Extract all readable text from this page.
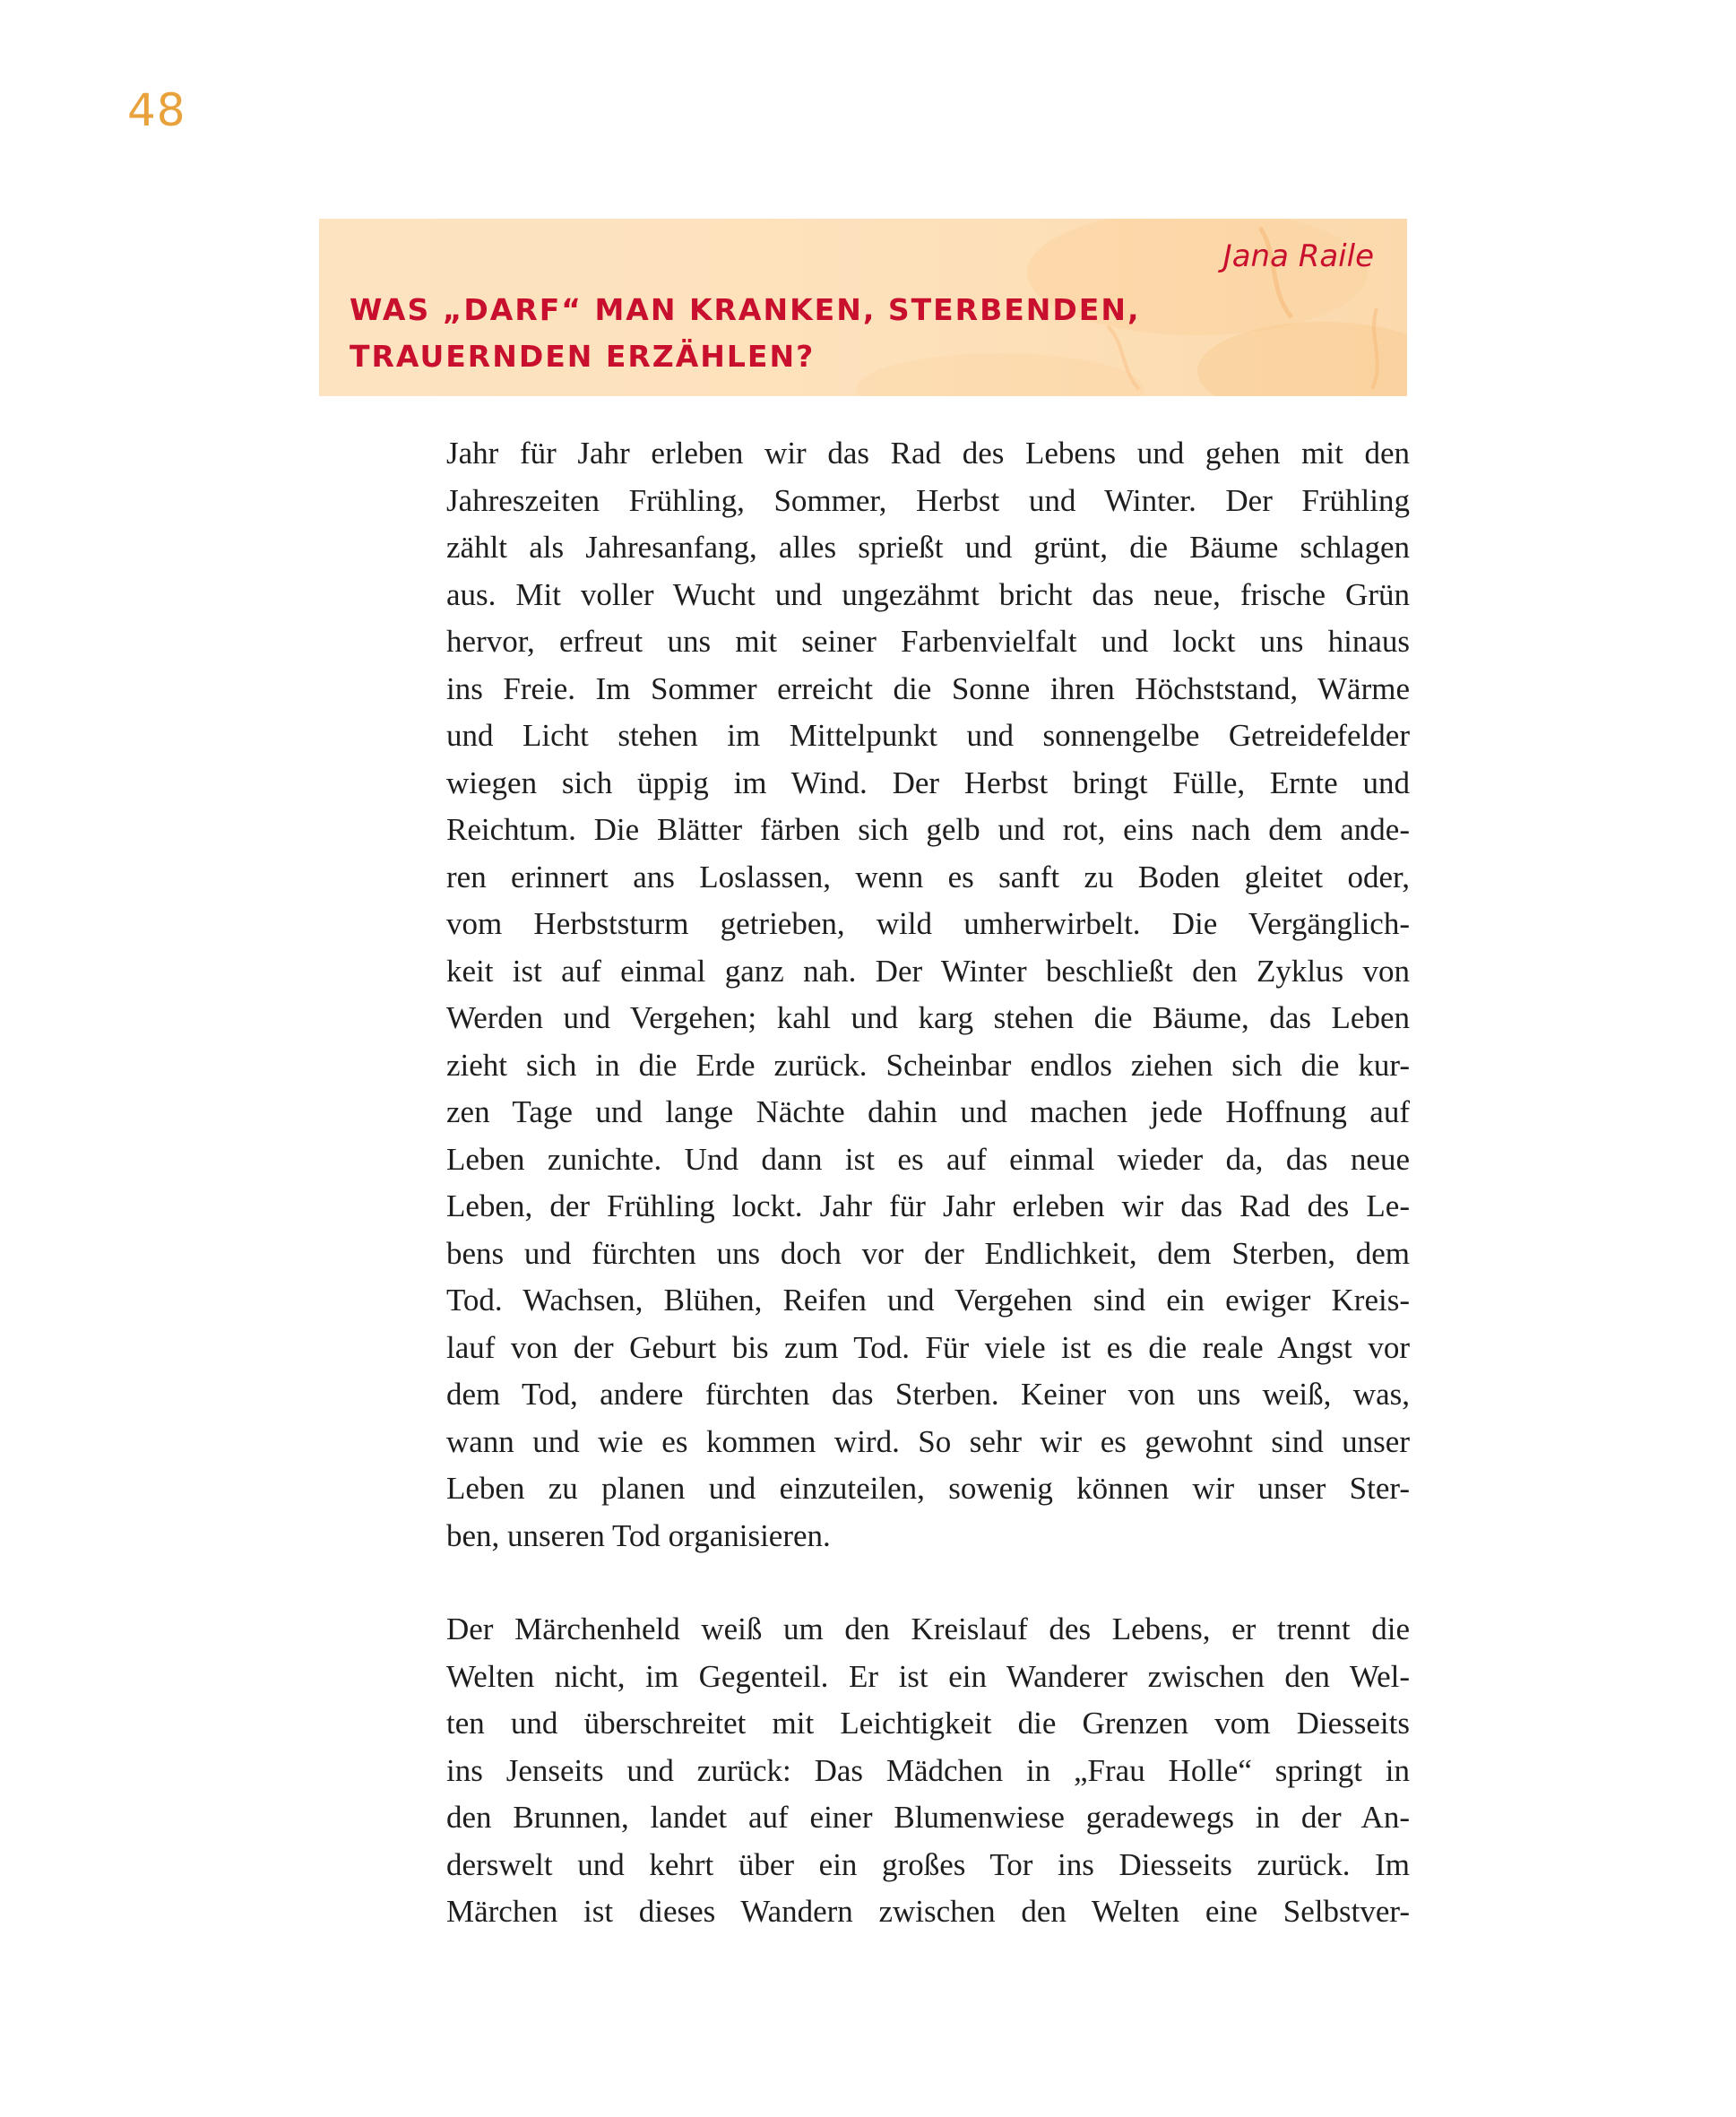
48
Jana Raile
WAS „DARF“ MAN KRANKEN, STERBENDEN,
TRAUERNDEN ERZÄHLEN?
Jahr für Jahr erleben wir das Rad des Lebens und gehen mit den
Jahreszeiten Frühling, Sommer, Herbst und Winter. Der Frühling
zählt als Jahresanfang, alles sprießt und grünt, die Bäume schlagen
aus. Mit voller Wucht und ungezähmt bricht das neue, frische Grün
hervor, erfreut uns mit seiner Farbenvielfalt und lockt uns hinaus
ins Freie. Im Sommer erreicht die Sonne ihren Höchststand, Wärme
und Licht stehen im Mittelpunkt und sonnengelbe Getreidefelder
wiegen sich üppig im Wind. Der Herbst bringt Fülle, Ernte und
Reichtum. Die Blätter färben sich gelb und rot, eins nach dem ande-
ren erinnert ans Loslassen, wenn es sanft zu Boden gleitet oder,
vom Herbststurm getrieben, wild umherwirbelt. Die Vergänglich-
keit ist auf einmal ganz nah. Der Winter beschließt den Zyklus von
Werden und Vergehen; kahl und karg stehen die Bäume, das Leben
zieht sich in die Erde zurück. Scheinbar endlos ziehen sich die kur-
zen Tage und lange Nächte dahin und machen jede Hoffnung auf
Leben zunichte. Und dann ist es auf einmal wieder da, das neue
Leben, der Frühling lockt. Jahr für Jahr erleben wir das Rad des Le-
bens und fürchten uns doch vor der Endlichkeit, dem Sterben, dem
Tod. Wachsen, Blühen, Reifen und Vergehen sind ein ewiger Kreis-
lauf von der Geburt bis zum Tod. Für viele ist es die reale Angst vor
dem Tod, andere fürchten das Sterben. Keiner von uns weiß, was,
wann und wie es kommen wird. So sehr wir es gewohnt sind unser
Leben zu planen und einzuteilen, sowenig können wir unser Ster-
ben, unseren Tod organisieren.
Der Märchenheld weiß um den Kreislauf des Lebens, er trennt die
Welten nicht, im Gegenteil. Er ist ein Wanderer zwischen den Wel-
ten und überschreitet mit Leichtigkeit die Grenzen vom Diesseits
ins Jenseits und zurück: Das Mädchen in „Frau Holle“ springt in
den Brunnen, landet auf einer Blumenwiese geradewegs in der An-
derswelt und kehrt über ein großes Tor ins Diesseits zurück. Im
Märchen ist dieses Wandern zwischen den Welten eine Selbstver-
